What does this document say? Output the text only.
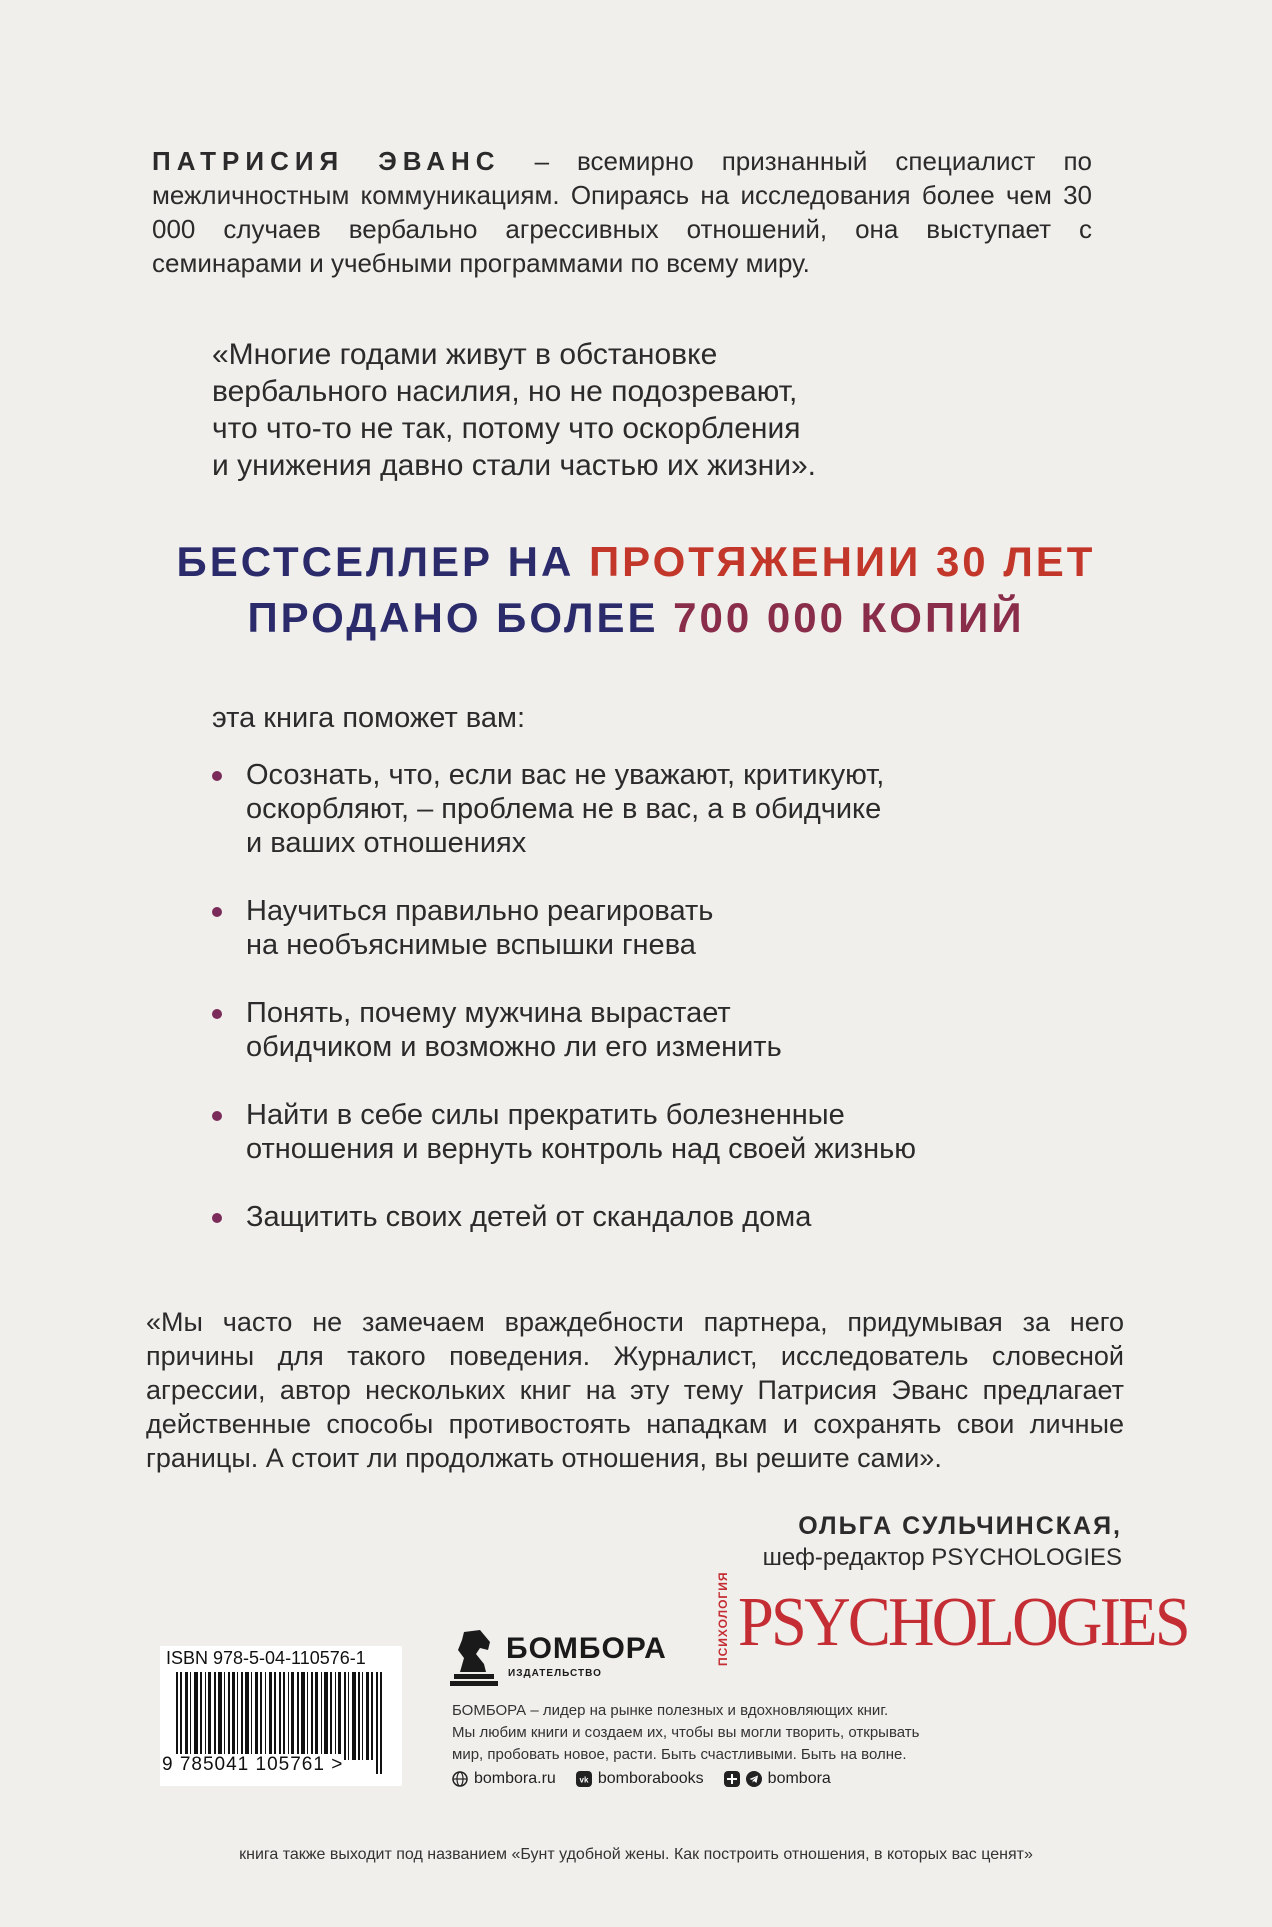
ПАТРИСИЯ ЭВАНС – всемирно признанный специалист по межличностным коммуникациям. Опираясь на исследования более чем 30 000 случаев вербально агрессивных отношений, она выступает с семинарами и учебными программами по всему миру.

«Многие годами живут в обстановке
вербального насилия, но не подозревают,
что что-то не так, потому что оскорбления
и унижения давно стали частью их жизни».
БЕСТСЕЛЛЕР НА ПРОТЯЖЕНИИ 30 ЛЕТ
ПРОДАНО БОЛЕЕ 700 000 КОПИЙ
эта книга поможет вам:
Осознать, что, если вас не уважают, критикуют,
оскорбляют, – проблема не в вас, а в обидчике
и ваших отношениях
Научиться правильно реагировать
на необъяснимые вспышки гнева
Понять, почему мужчина вырастает
обидчиком и возможно ли его изменить
Найти в себе силы прекратить болезненные
отношения и вернуть контроль над своей жизнью
Защитить своих детей от скандалов дома

«Мы часто не замечаем враждебности партнера, придумывая за него причины для такого поведения. Журналист, исследователь словесной агрессии, автор нескольких книг на эту тему Патрисия Эванс предлагает действенные способы противостоять нападкам и сохранять свои личные границы. А стоит ли продолжать отношения, вы решите сами».

ОЛЬГА СУЛЬЧИНСКАЯ,
шеф-редактор PSYCHOLOGIES
ПСИХОЛОГИЯ PSYCHOLOGIES
ISBN 978-5-04-110576-1
9 785041 105761 >
БОМБОРА
ИЗДАТЕЛЬСТВО
БОМБОРА – лидер на рынке полезных и вдохновляющих книг.
Мы любим книги и создаем их, чтобы вы могли творить, открывать
мир, пробовать новое, расти. Быть счастливыми. Быть на волне.
bombora.ru	vk bomborabooks	bombora
книга также выходит под названием «Бунт удобной жены. Как построить отношения, в которых вас ценят»
